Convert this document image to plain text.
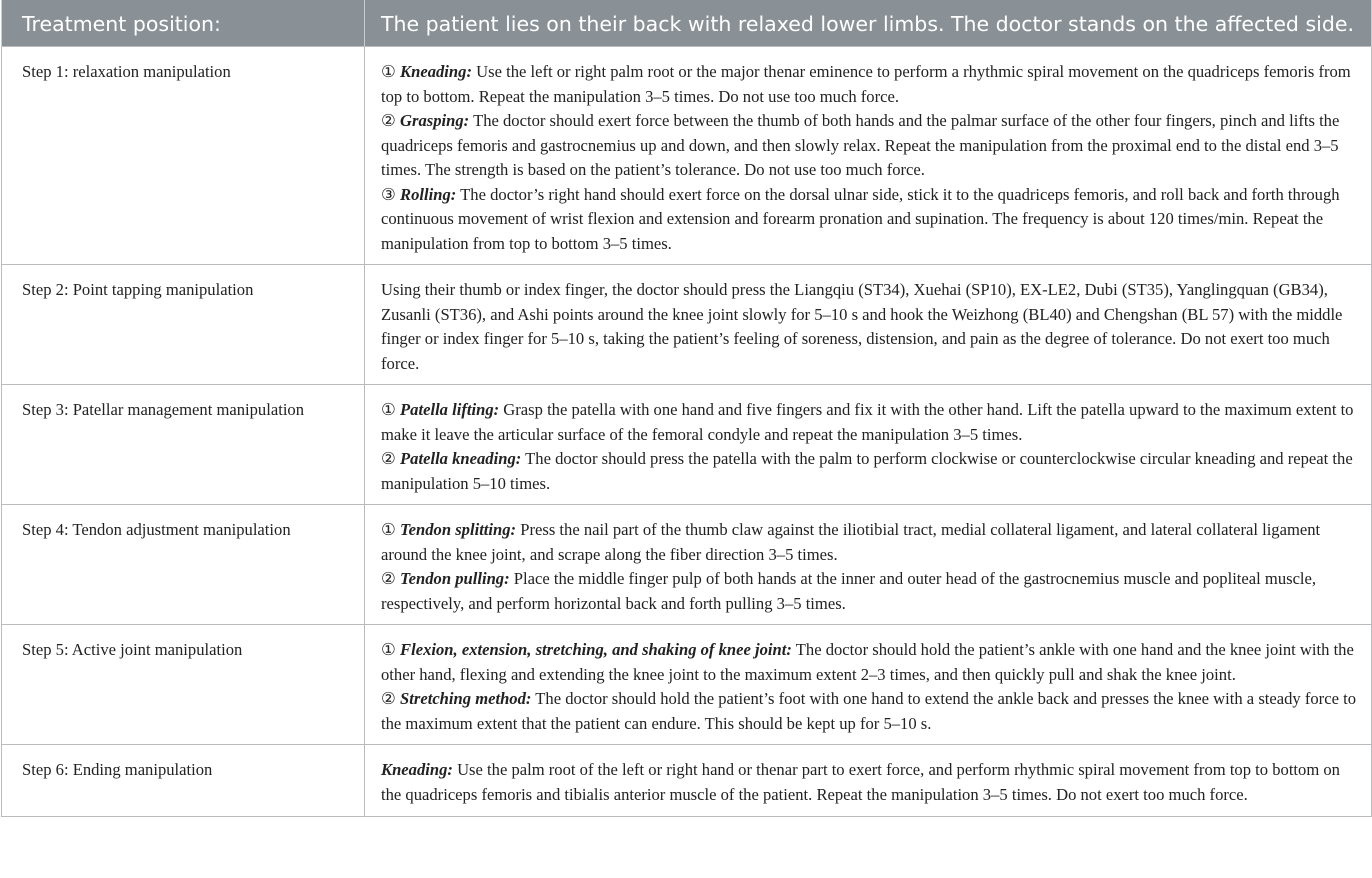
Treatment position:	The patient lies on their back with relaxed lower limbs. The doctor stands on the affected side.
Step 1: relaxation manipulation	① Kneading: Use the left or right palm root or the major thenar eminence to perform a rhythmic spiral movement on the quadriceps femoris from top to bottom. Repeat the manipulation 3–5 times. Do not use too much force.
② Grasping: The doctor should exert force between the thumb of both hands and the palmar surface of the other four fingers, pinch and lifts the quadriceps femoris and gastrocnemius up and down, and then slowly relax. Repeat the manipulation from the proximal end to the distal end 3–5 times. The strength is based on the patient’s tolerance. Do not use too much force.
③ Rolling: The doctor’s right hand should exert force on the dorsal ulnar side, stick it to the quadriceps femoris, and roll back and forth through continuous movement of wrist flexion and extension and forearm pronation and supination. The frequency is about 120 times/min. Repeat the manipulation from top to bottom 3–5 times.

Step 2: Point tapping manipulation	Using their thumb or index finger, the doctor should press the Liangqiu (ST34), Xuehai (SP10), EX-LE2, Dubi (ST35), Yanglingquan (GB34), Zusanli (ST36), and Ashi points around the knee joint slowly for 5–10 s and hook the Weizhong (BL40) and Chengshan (BL 57) with the middle finger or index finger for 5–10 s, taking the patient’s feeling of soreness, distension, and pain as the degree of tolerance. Do not exert too much force.
Step 3: Patellar management manipulation	① Patella lifting: Grasp the patella with one hand and five fingers and fix it with the other hand. Lift the patella upward to the maximum extent to make it leave the articular surface of the femoral condyle and repeat the manipulation 3–5 times.
② Patella kneading: The doctor should press the patella with the palm to perform clockwise or counterclockwise circular kneading and repeat the manipulation 5–10 times.

Step 4: Tendon adjustment manipulation	① Tendon splitting: Press the nail part of the thumb claw against the iliotibial tract, medial collateral ligament, and lateral collateral ligament around the knee joint, and scrape along the fiber direction 3–5 times.
② Tendon pulling: Place the middle finger pulp of both hands at the inner and outer head of the gastrocnemius muscle and popliteal muscle, respectively, and perform horizontal back and forth pulling 3–5 times.

Step 5: Active joint manipulation	① Flexion, extension, stretching, and shaking of knee joint: The doctor should hold the patient’s ankle with one hand and the knee joint with the other hand, flexing and extending the knee joint to the maximum extent 2–3 times, and then quickly pull and shak the knee joint.
② Stretching method: The doctor should hold the patient’s foot with one hand to extend the ankle back and presses the knee with a steady force to the maximum extent that the patient can endure. This should be kept up for 5–10 s.

Step 6: Ending manipulation	Kneading: Use the palm root of the left or right hand or thenar part to exert force, and perform rhythmic spiral movement from top to bottom on the quadriceps femoris and tibialis anterior muscle of the patient. Repeat the manipulation 3–5 times. Do not exert too much force.
